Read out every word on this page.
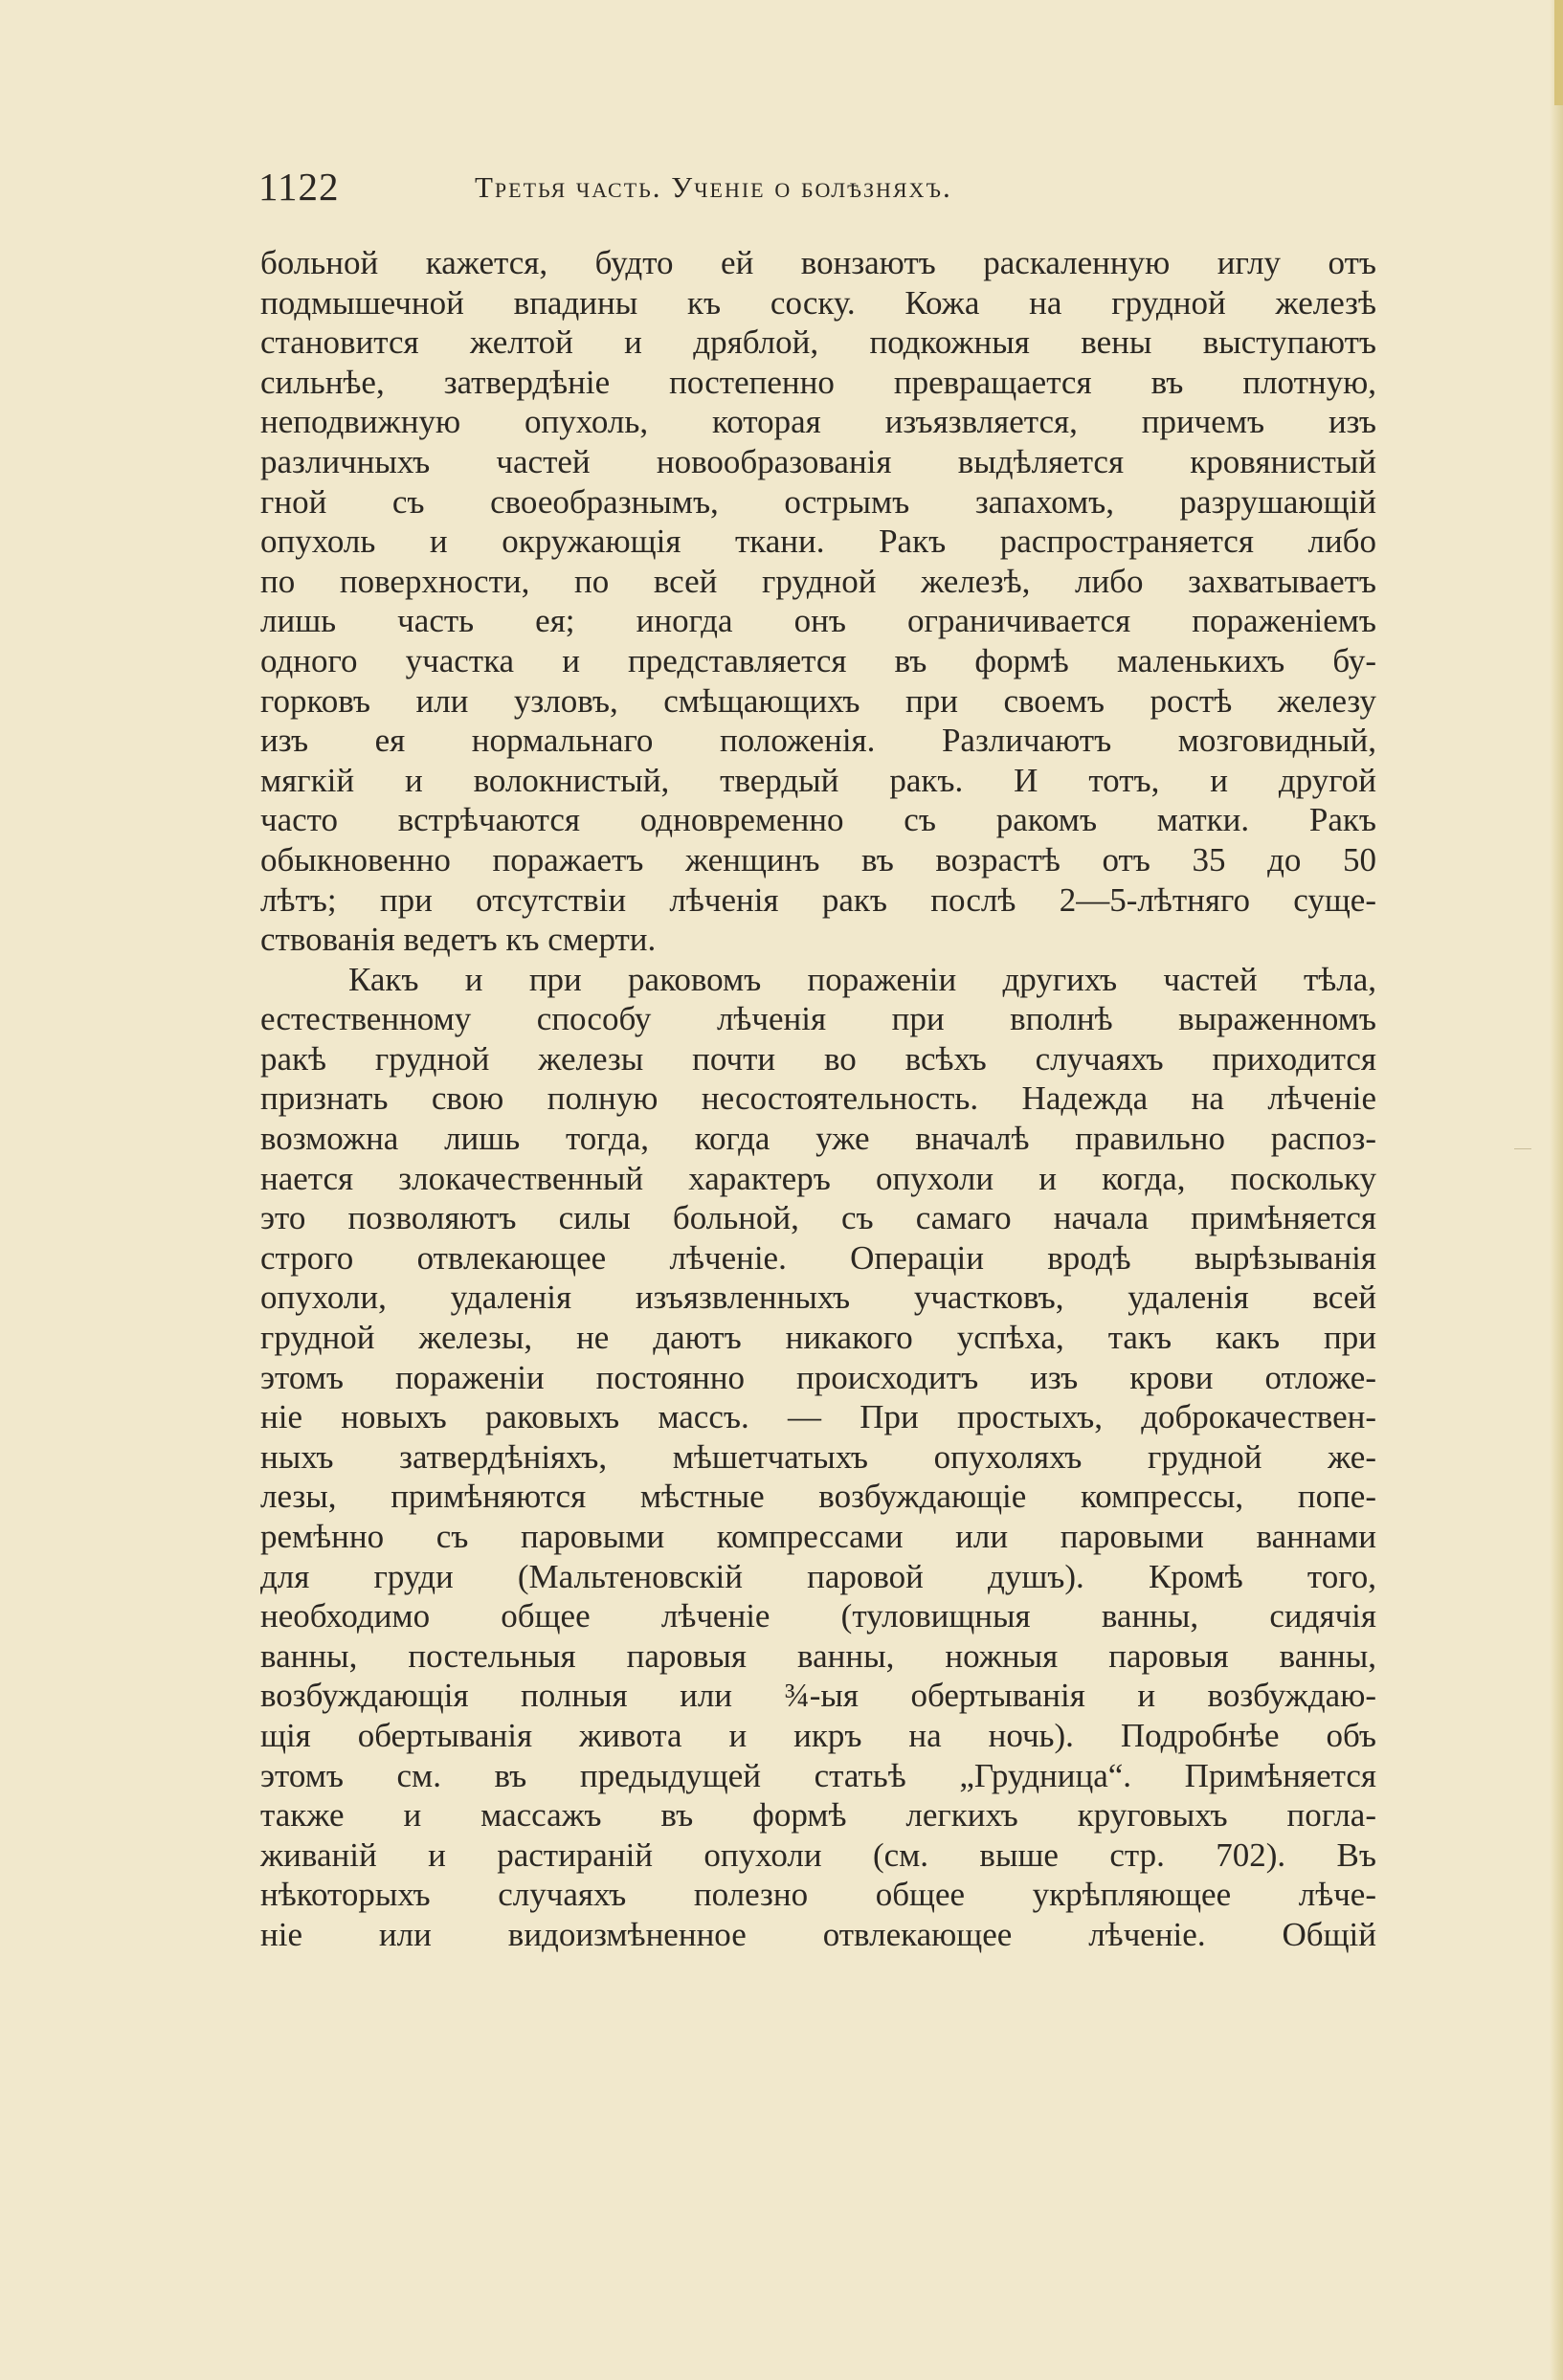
1122	Третья часть. Ученіе о болѣзняхъ.
больной кажется, будто ей вонзаютъ раскаленную иглу отъ
подмышечной впадины къ соску. Кожа на грудной железѣ
становится желтой и дряблой, подкожныя вены выступаютъ
сильнѣе, затвердѣніе постепенно превращается въ плотную,
неподвижную опухоль, которая изъязвляется, причемъ изъ
различныхъ частей новообразованія выдѣляется кровянистый
гной съ своеобразнымъ, острымъ запахомъ, разрушающій
опухоль и окружающія ткани. Ракъ распространяется либо
по поверхности, по всей грудной железѣ, либо захватываетъ
лишь часть ея; иногда онъ ограничивается пораженіемъ
одного участка и представляется въ формѣ маленькихъ бу-
горковъ или узловъ, смѣщающихъ при своемъ ростѣ железу
изъ ея нормальнаго положенія. Различаютъ мозговидный,
мягкій и волокнистый, твердый ракъ. И тотъ, и другой
часто встрѣчаются одновременно съ ракомъ матки. Ракъ
обыкновенно поражаетъ женщинъ въ возрастѣ отъ 35 до 50
лѣтъ; при отсутствіи лѣченія ракъ послѣ 2—5-лѣтняго суще-
ствованія ведетъ къ смерти.
Какъ и при раковомъ пораженіи другихъ частей тѣла,
естественному способу лѣченія при вполнѣ выраженномъ
ракѣ грудной железы почти во всѣхъ случаяхъ приходится
признать свою полную несостоятельность. Надежда на лѣченіе
возможна лишь тогда, когда уже вначалѣ правильно распоз-
нается злокачественный характеръ опухоли и когда, поскольку
это позволяютъ силы больной, съ самаго начала примѣняется
строго отвлекающее лѣченіе. Операціи вродѣ вырѣзыванія
опухоли, удаленія изъязвленныхъ участковъ, удаленія всей
грудной железы, не даютъ никакого успѣха, такъ какъ при
этомъ пораженіи постоянно происходитъ изъ крови отложе-
ніе новыхъ раковыхъ массъ. — При простыхъ, доброкачествен-
ныхъ затвердѣніяхъ, мѣшетчатыхъ опухоляхъ грудной же-
лезы, примѣняются мѣстные возбуждающіе компрессы, попе-
ремѣнно съ паровыми компрессами или паровыми ваннами
для груди (Мальтеновскій паровой душъ). Кромѣ того,
необходимо общее лѣченіе (туловищныя ванны, сидячія
ванны, постельныя паровыя ванны, ножныя паровыя ванны,
возбуждающія полныя или ¾-ыя обертыванія и возбуждаю-
щія обертыванія живота и икръ на ночь). Подробнѣе объ
этомъ см. въ предыдущей статьѣ „Грудница“. Примѣняется
также и массажъ въ формѣ легкихъ круговыхъ погла-
живаній и растираній опухоли (см. выше стр. 702). Въ
нѣкоторыхъ случаяхъ полезно общее укрѣпляющее лѣче-
ніе или видоизмѣненное отвлекающее лѣченіе. Общій
